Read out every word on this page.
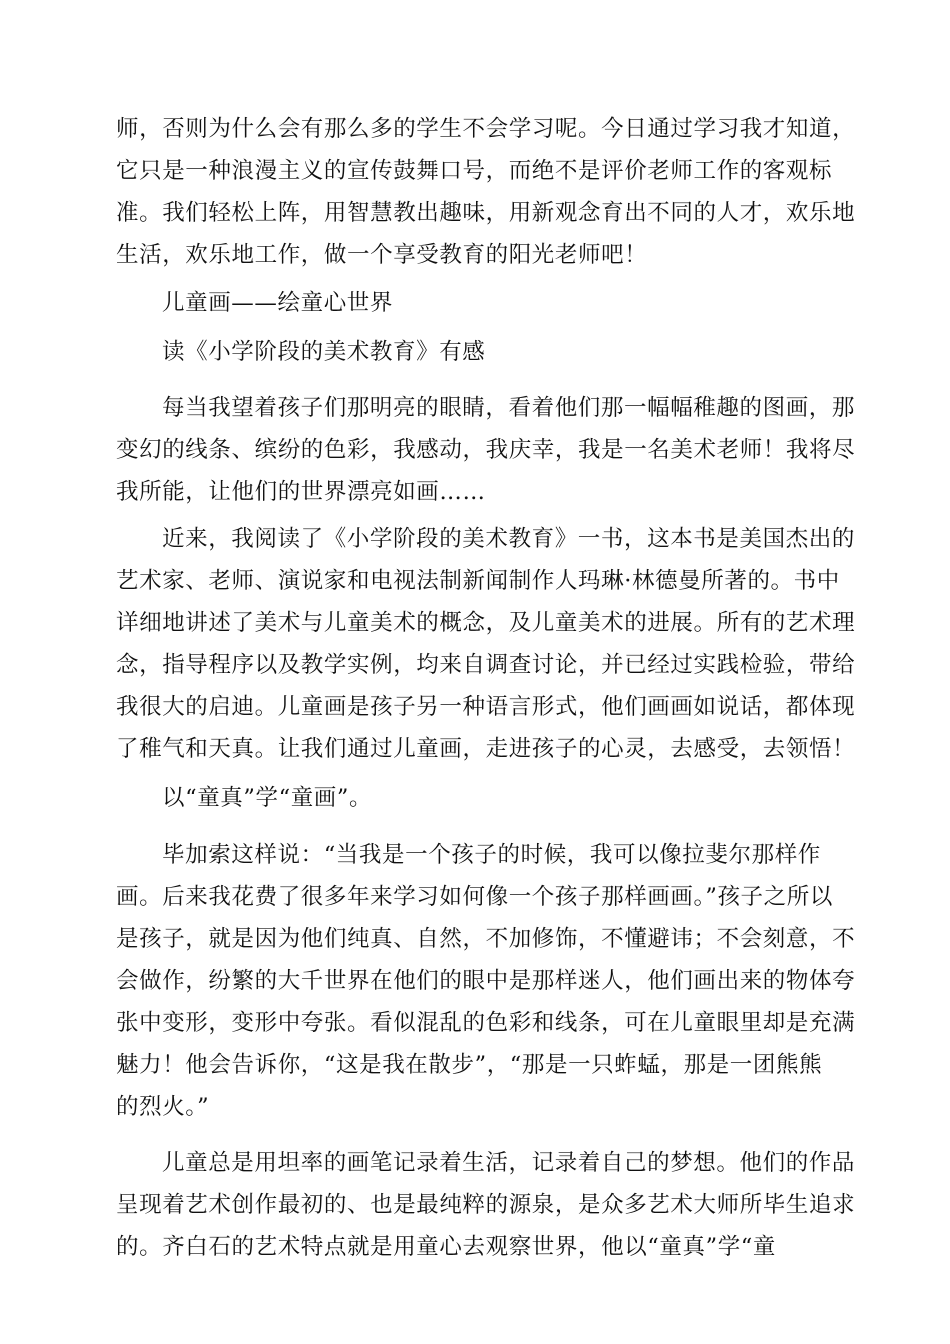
师，否则为什么会有那么多的学生不会学习呢。今日通过学习我才知道，
它只是一种浪漫主义的宣传鼓舞口号，而绝不是评价老师工作的客观标
准。我们轻松上阵，用智慧教出趣味，用新观念育出不同的人才，欢乐地
生活，欢乐地工作，做一个享受教育的阳光老师吧！
儿童画——绘童心世界
读《小学阶段的美术教育》有感
每当我望着孩子们那明亮的眼睛，看着他们那一幅幅稚趣的图画，那
变幻的线条、缤纷的色彩，我感动，我庆幸，我是一名美术老师！我将尽
我所能，让他们的世界漂亮如画……
近来，我阅读了《小学阶段的美术教育》一书，这本书是美国杰出的
艺术家、老师、演说家和电视法制新闻制作人玛琳·林德曼所著的。书中
详细地讲述了美术与儿童美术的概念，及儿童美术的进展。所有的艺术理
念，指导程序以及教学实例，均来自调查讨论，并已经过实践检验，带给
我很大的启迪。儿童画是孩子另一种语言形式，他们画画如说话，都体现
了稚气和天真。让我们通过儿童画，走进孩子的心灵，去感受，去领悟！
以“童真”学“童画”。
毕加索这样说：“当我是一个孩子的时候，我可以像拉斐尔那样作
画。后来我花费了很多年来学习如何像一个孩子那样画画。”孩子之所以
是孩子，就是因为他们纯真、自然，不加修饰，不懂避讳；不会刻意，不
会做作，纷繁的大千世界在他们的眼中是那样迷人，他们画出来的物体夸
张中变形，变形中夸张。看似混乱的色彩和线条，可在儿童眼里却是充满
魅力！他会告诉你，“这是我在散步”，“那是一只蚱蜢，那是一团熊熊
的烈火。”
儿童总是用坦率的画笔记录着生活，记录着自己的梦想。他们的作品
呈现着艺术创作最初的、也是最纯粹的源泉，是众多艺术大师所毕生追求
的。齐白石的艺术特点就是用童心去观察世界，他以“童真”学“童
